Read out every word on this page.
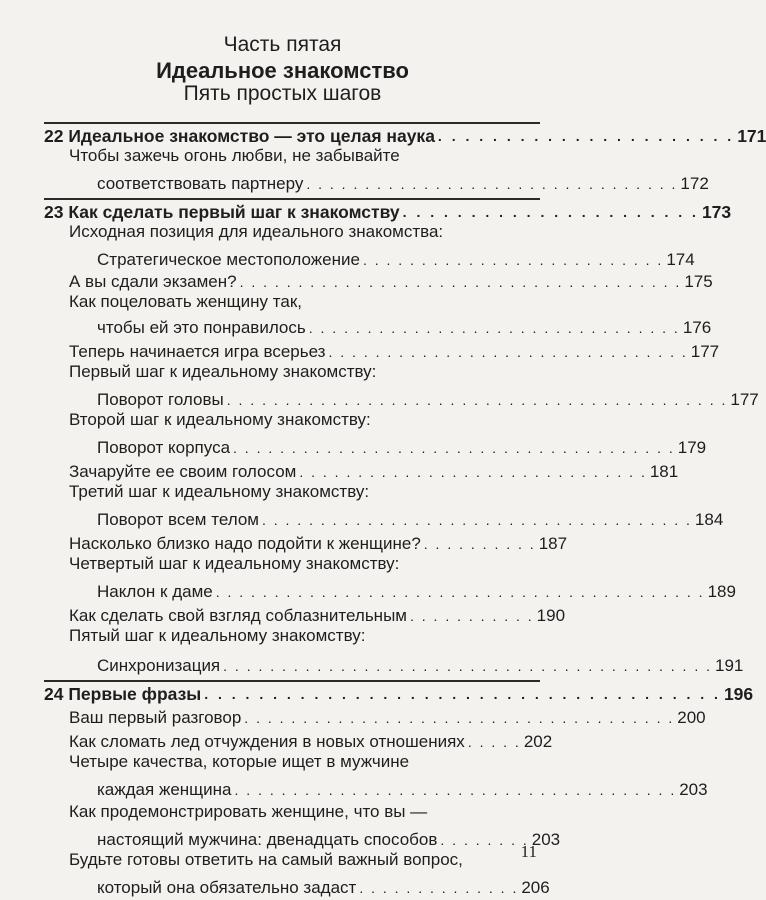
Часть пятая
Идеальное знакомство
Пять простых шагов
22 Идеальное знакомство — это целая наука . . . . . . . . . . . . . . . . . . . . . . 171
Чтобы зажечь огонь любви, не забывайте
соответствовать партнеру . . . . . . . . . . . . . . . . . . . . . . . . . . . . . . . . 172
23 Как сделать первый шаг к знакомству . . . . . . . . . . . . . . . . . . . . . . 173
Исходная позиция для идеального знакомства:
Стратегическое местоположение . . . . . . . . . . . . . . . . . . . . . . . . . . 174
А вы сдали экзамен? . . . . . . . . . . . . . . . . . . . . . . . . . . . . . . . . . . . . . . 175
Как поцеловать женщину так,
чтобы ей это понравилось . . . . . . . . . . . . . . . . . . . . . . . . . . . . . . . . 176
Теперь начинается игра всерьез . . . . . . . . . . . . . . . . . . . . . . . . . . . . . . . 177
Первый шаг к идеальному знакомству:
Поворот головы . . . . . . . . . . . . . . . . . . . . . . . . . . . . . . . . . . . . . . . . . . . 177
Второй шаг к идеальному знакомству:
Поворот корпуса . . . . . . . . . . . . . . . . . . . . . . . . . . . . . . . . . . . . . . 179
Зачаруйте ее своим голосом . . . . . . . . . . . . . . . . . . . . . . . . . . . . . . 181
Третий шаг к идеальному знакомству:
Поворот всем телом . . . . . . . . . . . . . . . . . . . . . . . . . . . . . . . . . . . . . 184
Насколько близко надо подойти к женщине? . . . . . . . . . . 187
Четвертый шаг к идеальному знакомству:
Наклон к даме . . . . . . . . . . . . . . . . . . . . . . . . . . . . . . . . . . . . . . . . . . 189
Как сделать свой взгляд соблазнительным . . . . . . . . . . . 190
Пятый шаг к идеальному знакомству:
Синхронизация . . . . . . . . . . . . . . . . . . . . . . . . . . . . . . . . . . . . . . . . . . 191
24 Первые фразы . . . . . . . . . . . . . . . . . . . . . . . . . . . . . . . . . . . . . . 196
Ваш первый разговор . . . . . . . . . . . . . . . . . . . . . . . . . . . . . . . . . . . . . 200
Как сломать лед отчуждения в новых отношениях . . . . . 202
Четыре качества, которые ищет в мужчине
каждая женщина . . . . . . . . . . . . . . . . . . . . . . . . . . . . . . . . . . . . . . 203
Как продемонстрировать женщине, что вы —
настоящий мужчина: двенадцать способов . . . . . . . . 203
Будьте готовы ответить на самый важный вопрос,
который она обязательно задаст . . . . . . . . . . . . . . 206
11
